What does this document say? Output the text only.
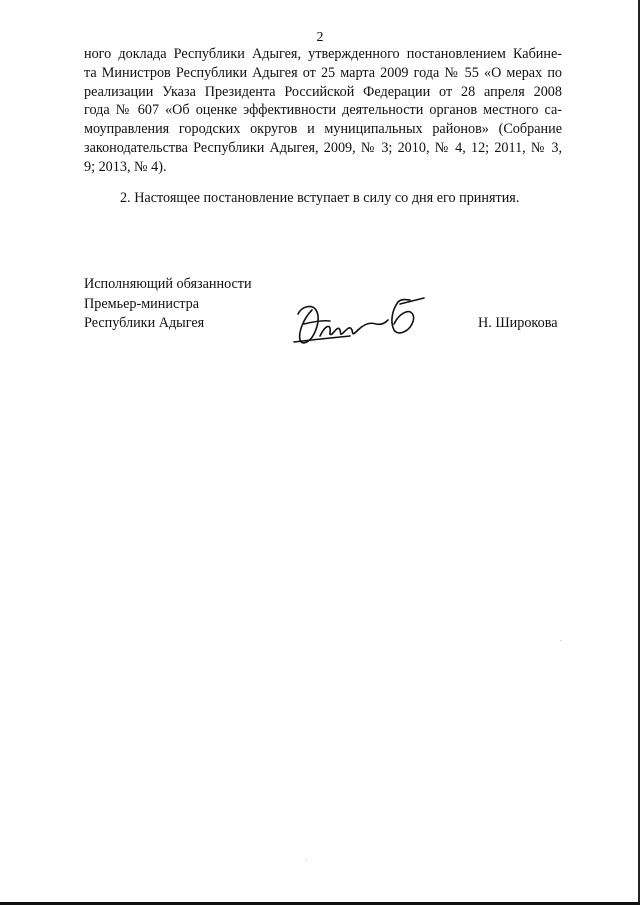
2
ного доклада Республики Адыгея, утвержденного постановлением Кабине-
та Министров Республики Адыгея от 25 марта 2009 года № 55 «О мерах по
реализации Указа Президента Российской Федерации от 28 апреля 2008
года № 607 «Об оценке эффективности деятельности органов местного са-
моуправления городских округов и муниципальных районов» (Собрание
законодательства Республики Адыгея, 2009, № 3; 2010, № 4, 12; 2011, № 3,
9; 2013, № 4).

2. Настоящее постановление вступает в силу со дня его принятия.

Исполняющий обязанности
Премьер-министра
Республики Адыгея	Н. Широкова
